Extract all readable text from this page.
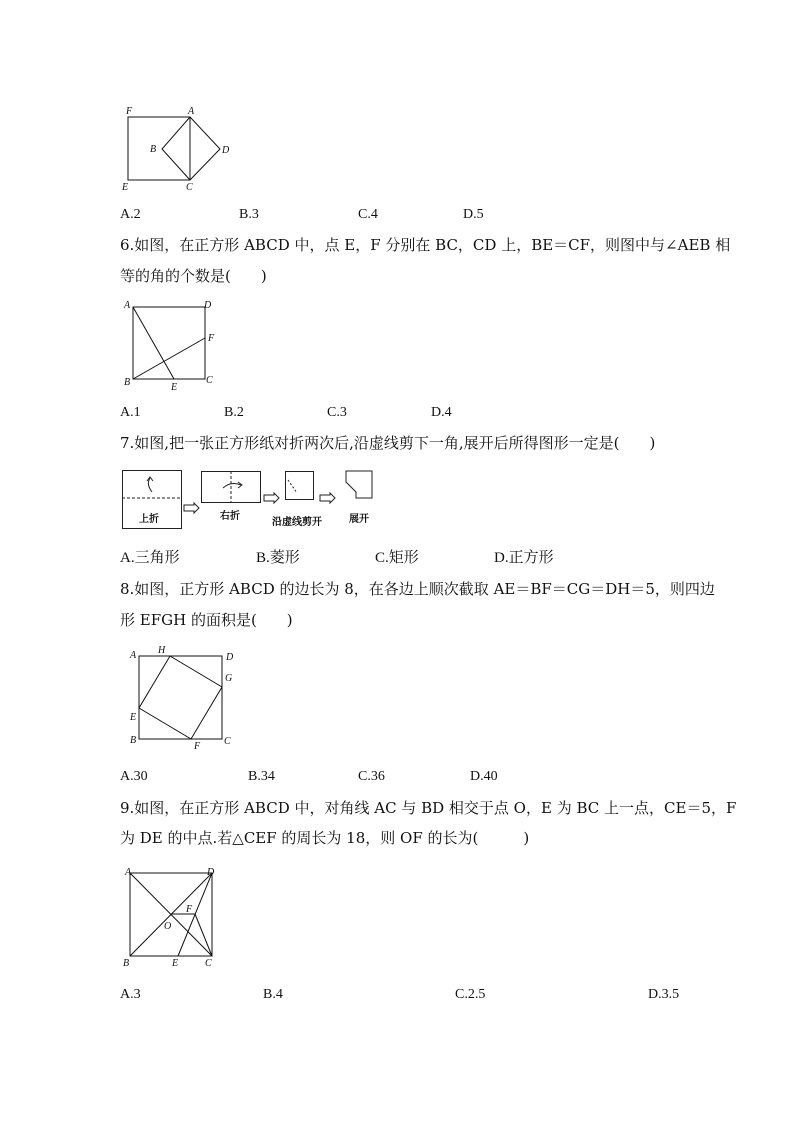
F	A
B	D
E	C
A.2	B.3	C.4	D.5
6.如图，在正方形 ABCD 中，点 E，F 分别在 BC，CD 上，BE＝CF，则图中与∠AEB 相
等的角的个数是(　　)
A	D
F
B	E
C
A.1	B.2	C.3	D.4
7.如图,把一张正方形纸对折两次后,沿虚线剪下一角,展开后所得图形一定是(　　)
上折	右折
沿虚线剪开	展开
A.三角形	B.菱形	C.矩形	D.正方形
8.如图，正方形 ABCD 的边长为 8，在各边上顺次截取 AE＝BF＝CG＝DH＝5，则四边
形 EFGH 的面积是(　　)
A H
D
G
E
B
F C
A.30	B.34	C.36	D.40
9.如图，在正方形 ABCD 中，对角线 AC 与 BD 相交于点 O，E 为 BC 上一点，CE＝5，F
为 DE 的中点.若△CEF 的周长为 18，则 OF 的长为(　　　)
A	D
F
O
B	E	C
A.3	B.4	C.2.5	D.3.5
